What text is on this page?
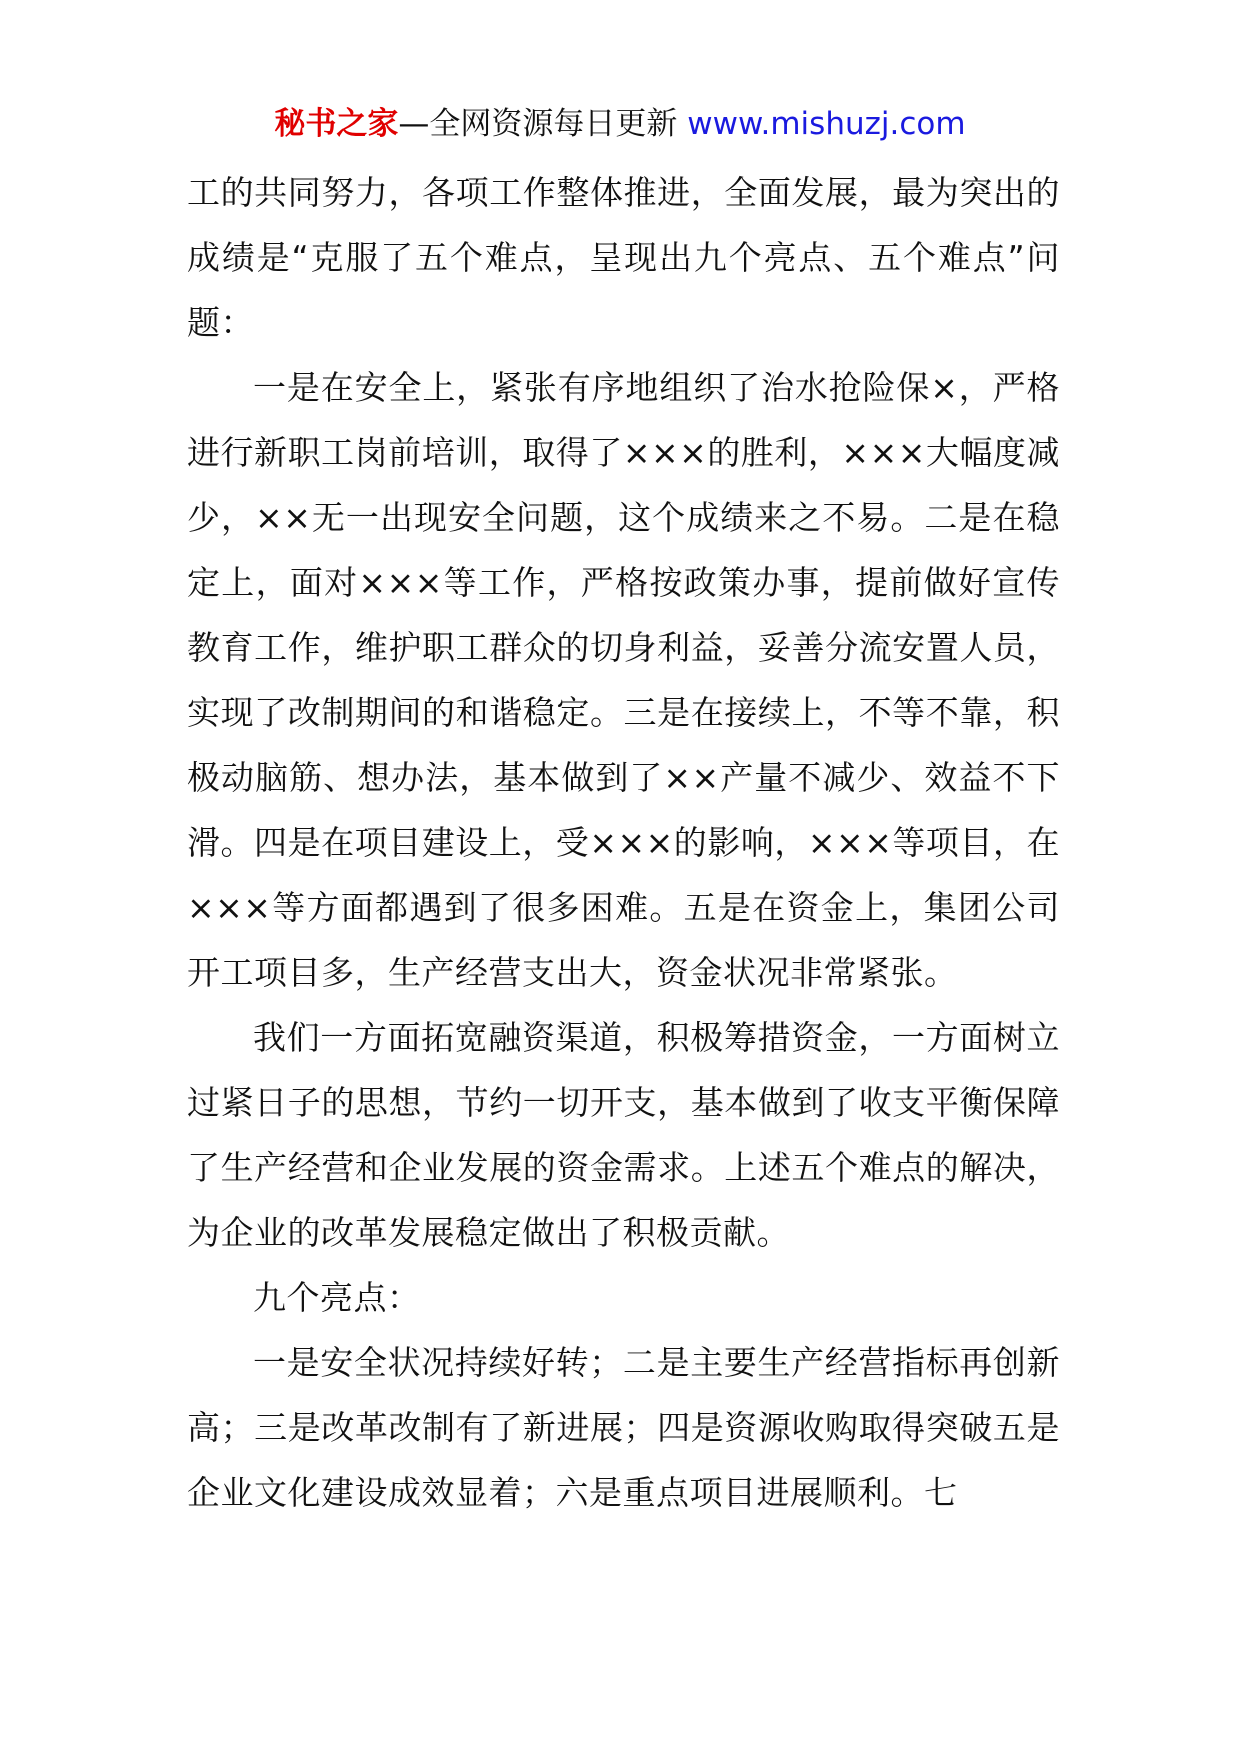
秘书之家—全网资源每日更新 www.mishuzj.com

工的共同努力，各项工作整体推进，全面发展，最为突出的成绩是“克服了五个难点，呈现出九个亮点、五个难点”问题：

一是在安全上，紧张有序地组织了治水抢险保×，严格进行新职工岗前培训，取得了×××的胜利，×××大幅度减少，××无一出现安全问题，这个成绩来之不易。二是在稳定上，面对×××等工作，严格按政策办事，提前做好宣传教育工作，维护职工群众的切身利益，妥善分流安置人员，实现了改制期间的和谐稳定。三是在接续上，不等不靠，积极动脑筋、想办法，基本做到了××产量不减少、效益不下滑。四是在项目建设上，受×××的影响，×××等项目，在×××等方面都遇到了很多困难。五是在资金上，集团公司开工项目多，生产经营支出大，资金状况非常紧张。

我们一方面拓宽融资渠道，积极筹措资金，一方面树立过紧日子的思想，节约一切开支，基本做到了收支平衡保障了生产经营和企业发展的资金需求。上述五个难点的解决，为企业的改革发展稳定做出了积极贡献。

九个亮点：

一是安全状况持续好转；二是主要生产经营指标再创新高；三是改革改制有了新进展；四是资源收购取得突破五是企业文化建设成效显着；六是重点项目进展顺利。七
